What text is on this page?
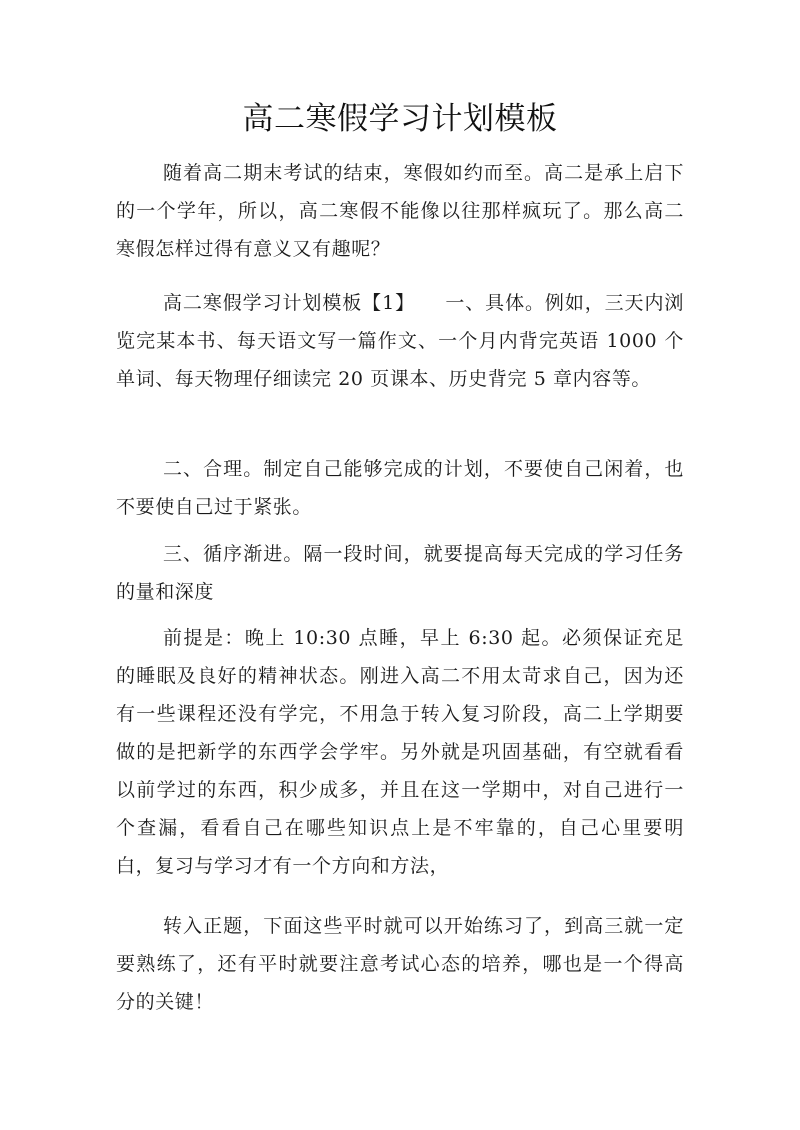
高二寒假学习计划模板

随着高二期末考试的结束，寒假如约而至。高二是承上启下的一个学年，所以，高二寒假不能像以往那样疯玩了。那么高二寒假怎样过得有意义又有趣呢？

高二寒假学习计划模板【1】　　一、具体。例如，三天内浏览完某本书、每天语文写一篇作文、一个月内背完英语 1000 个单词、每天物理仔细读完 20 页课本、历史背完 5 章内容等。

二、合理。制定自己能够完成的计划，不要使自己闲着，也不要使自己过于紧张。

三、循序渐进。隔一段时间，就要提高每天完成的学习任务的量和深度

前提是：晚上 10:30 点睡，早上 6:30 起。必须保证充足的睡眠及良好的精神状态。刚进入高二不用太苛求自己，因为还有一些课程还没有学完，不用急于转入复习阶段，高二上学期要做的是把新学的东西学会学牢。另外就是巩固基础，有空就看看以前学过的东西，积少成多，并且在这一学期中，对自己进行一个查漏，看看自己在哪些知识点上是不牢靠的，自己心里要明白，复习与学习才有一个方向和方法，

转入正题，下面这些平时就可以开始练习了，到高三就一定要熟练了，还有平时就要注意考试心态的培养，哪也是一个得高分的关键！
